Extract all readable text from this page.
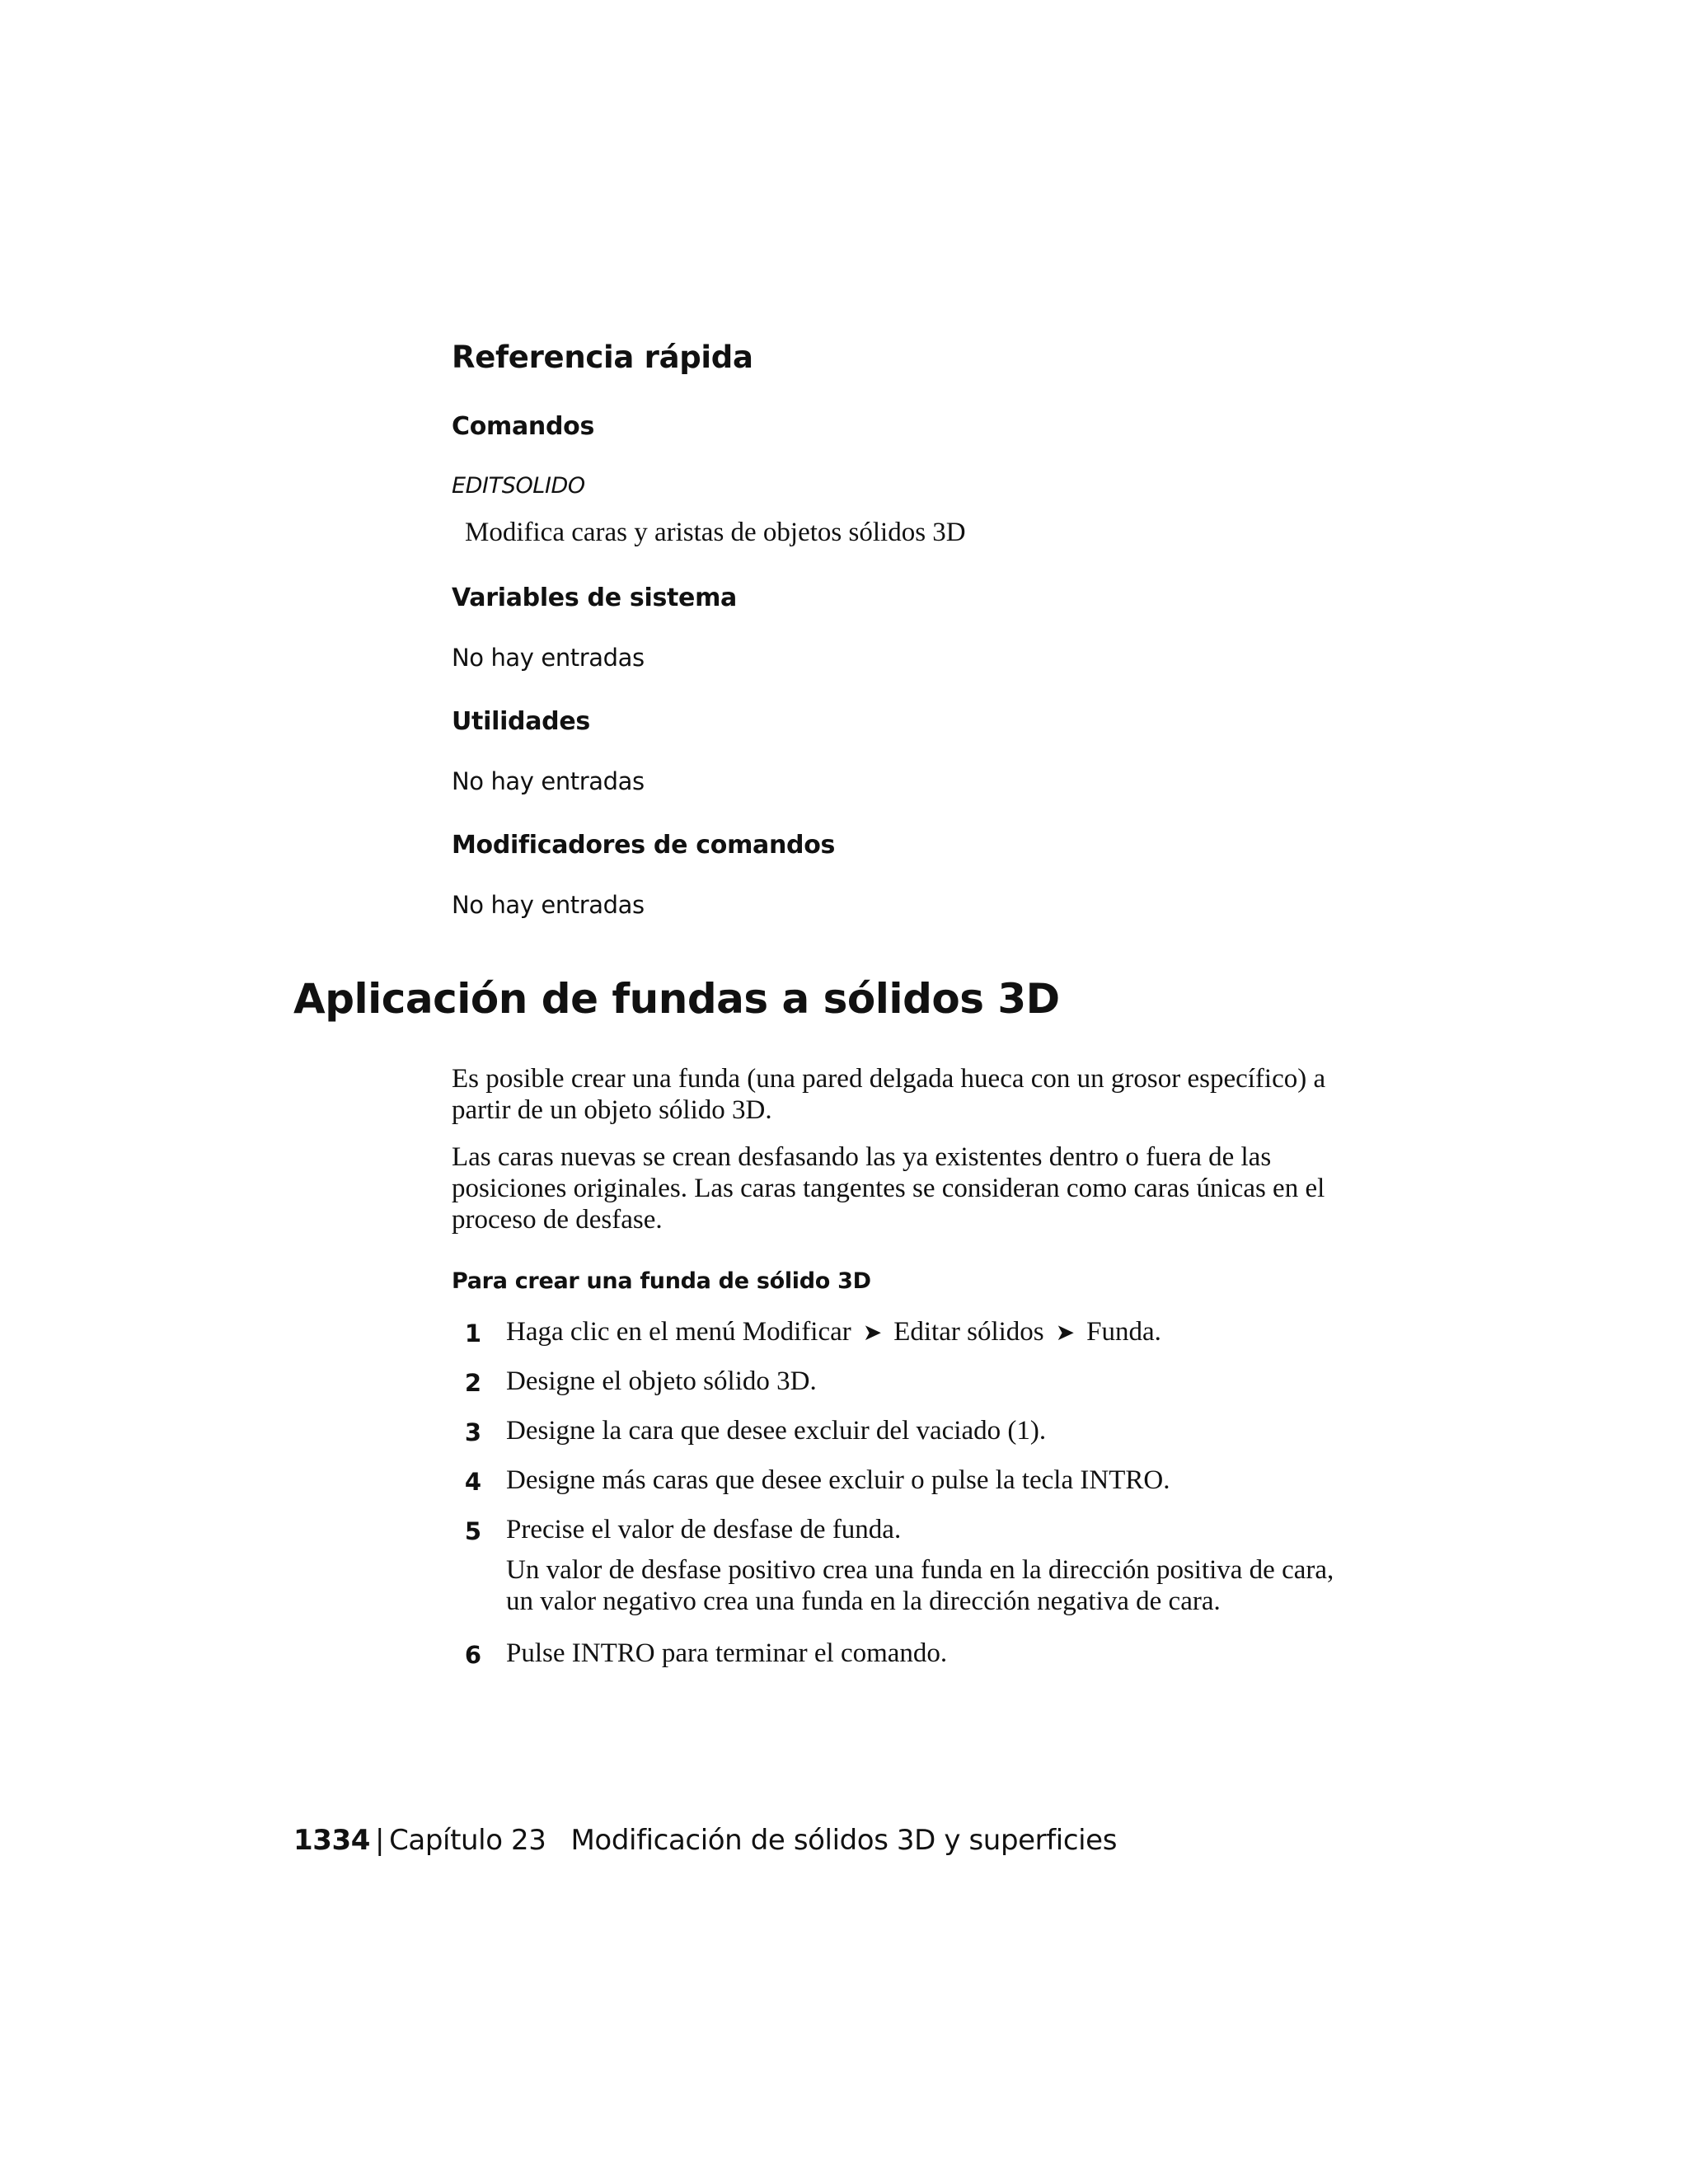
Referencia rápida
Comandos
EDITSOLIDO
Modifica caras y aristas de objetos sólidos 3D
Variables de sistema
No hay entradas
Utilidades
No hay entradas
Modificadores de comandos
No hay entradas
Aplicación de fundas a sólidos 3D
Es posible crear una funda (una pared delgada hueca con un grosor específico) a partir de un objeto sólido 3D.
Las caras nuevas se crean desfasando las ya existentes dentro o fuera de las posiciones originales. Las caras tangentes se consideran como caras únicas en el proceso de desfase.
Para crear una funda de sólido 3D
1 Haga clic en el menú Modificar ➤ Editar sólidos ➤ Funda.
2 Designe el objeto sólido 3D.
3 Designe la cara que desee excluir del vaciado (1).
4 Designe más caras que desee excluir o pulse la tecla INTRO.
5 Precise el valor de desfase de funda.
Un valor de desfase positivo crea una funda en la dirección positiva de cara, un valor negativo crea una funda en la dirección negativa de cara.
6 Pulse INTRO para terminar el comando.
1334 | Capítulo 23 Modificación de sólidos 3D y superficies
